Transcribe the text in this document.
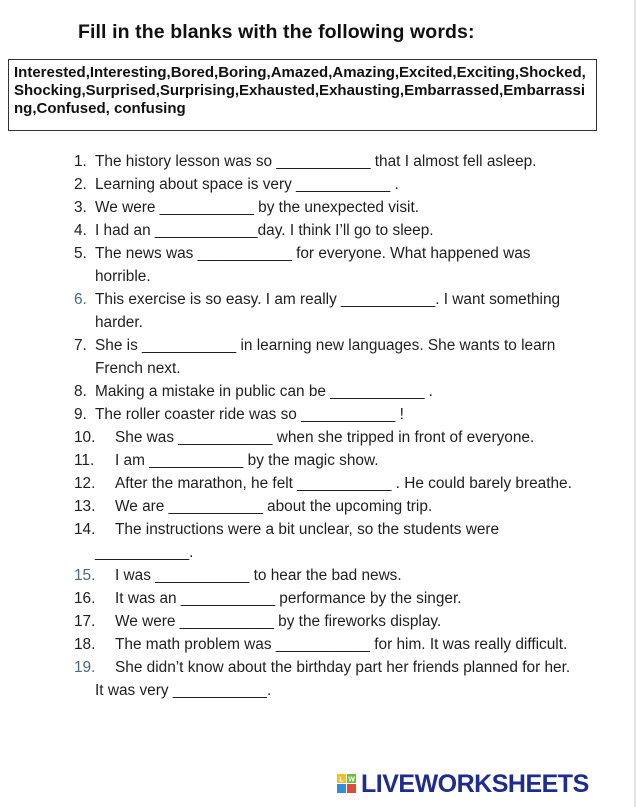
Fill in the blanks with the following words:
Interested,Interesting,Bored,Boring,Amazed,Amazing,Excited,Exciting,Shocked,Shocking,Surprised,Surprising,Exhausted,Exhausting,Embarrassed,Embarrassing,Confused, confusing
1. The history lesson was so ___________ that I almost fell asleep.
2. Learning about space is very ___________ .
3. We were ___________ by the unexpected visit.
4. I had an ____________day. I think I’ll go to sleep.
5. The news was ___________ for everyone. What happened was horrible.
6. This exercise is so easy. I am really ___________. I want something harder.
7. She is ___________ in learning new languages. She wants to learn French next.
8. Making a mistake in public can be ___________ .
9. The roller coaster ride was so ___________ !
10. She was ___________ when she tripped in front of everyone.
11. I am ___________ by the magic show.
12. After the marathon, he felt ___________ . He could barely breathe.
13. We are ___________ about the upcoming trip.
14. The instructions were a bit unclear, so the students were ___________.
15. I was ___________ to hear the bad news.
16. It was an ___________ performance by the singer.
17. We were ___________ by the fireworks display.
18. The math problem was ___________ for him. It was really difficult.
19. She didn’t know about the birthday part her friends planned for her. It was very ___________.
L W LIVEWORKSHEETS
